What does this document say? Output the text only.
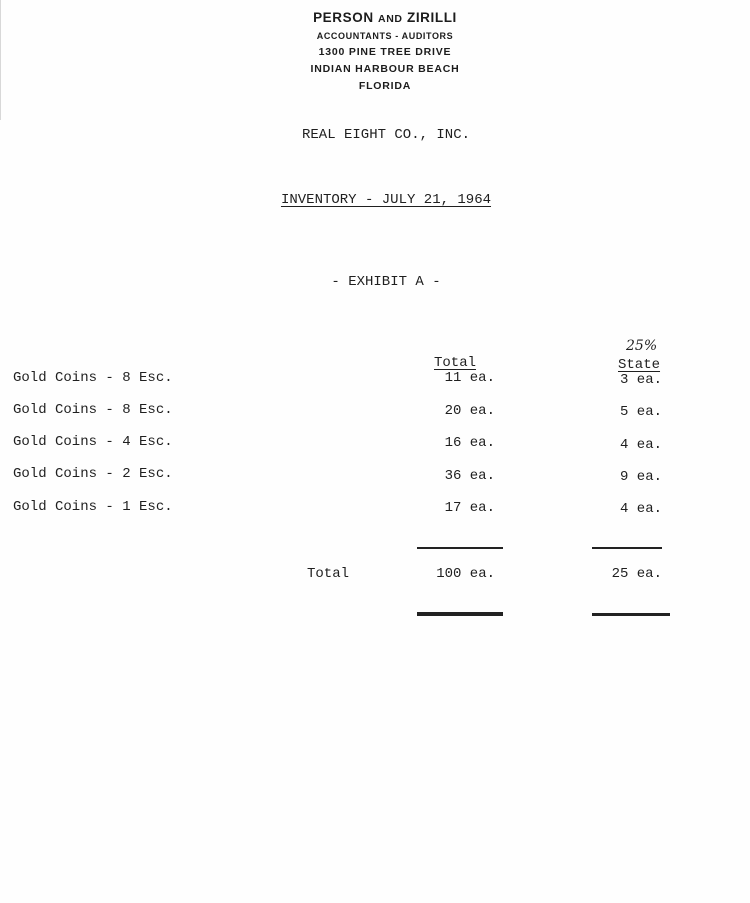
PERSON AND ZIRILLI
ACCOUNTANTS - AUDITORS
1300 PINE TREE DRIVE
INDIAN HARBOUR BEACH
FLORIDA
REAL EIGHT CO., INC.
INVENTORY - JULY 21, 1964
- EXHIBIT A -
25%
Total	State
Gold Coins - 8 Esc.	11 ea.	3 ea.
Gold Coins - 8 Esc.	20 ea.	5 ea.
Gold Coins - 4 Esc.	16 ea.	4 ea.
Gold Coins - 2 Esc.	36 ea.	9 ea.
Gold Coins - 1 Esc.	17 ea.	4 ea.
Total	100 ea.	25 ea.
